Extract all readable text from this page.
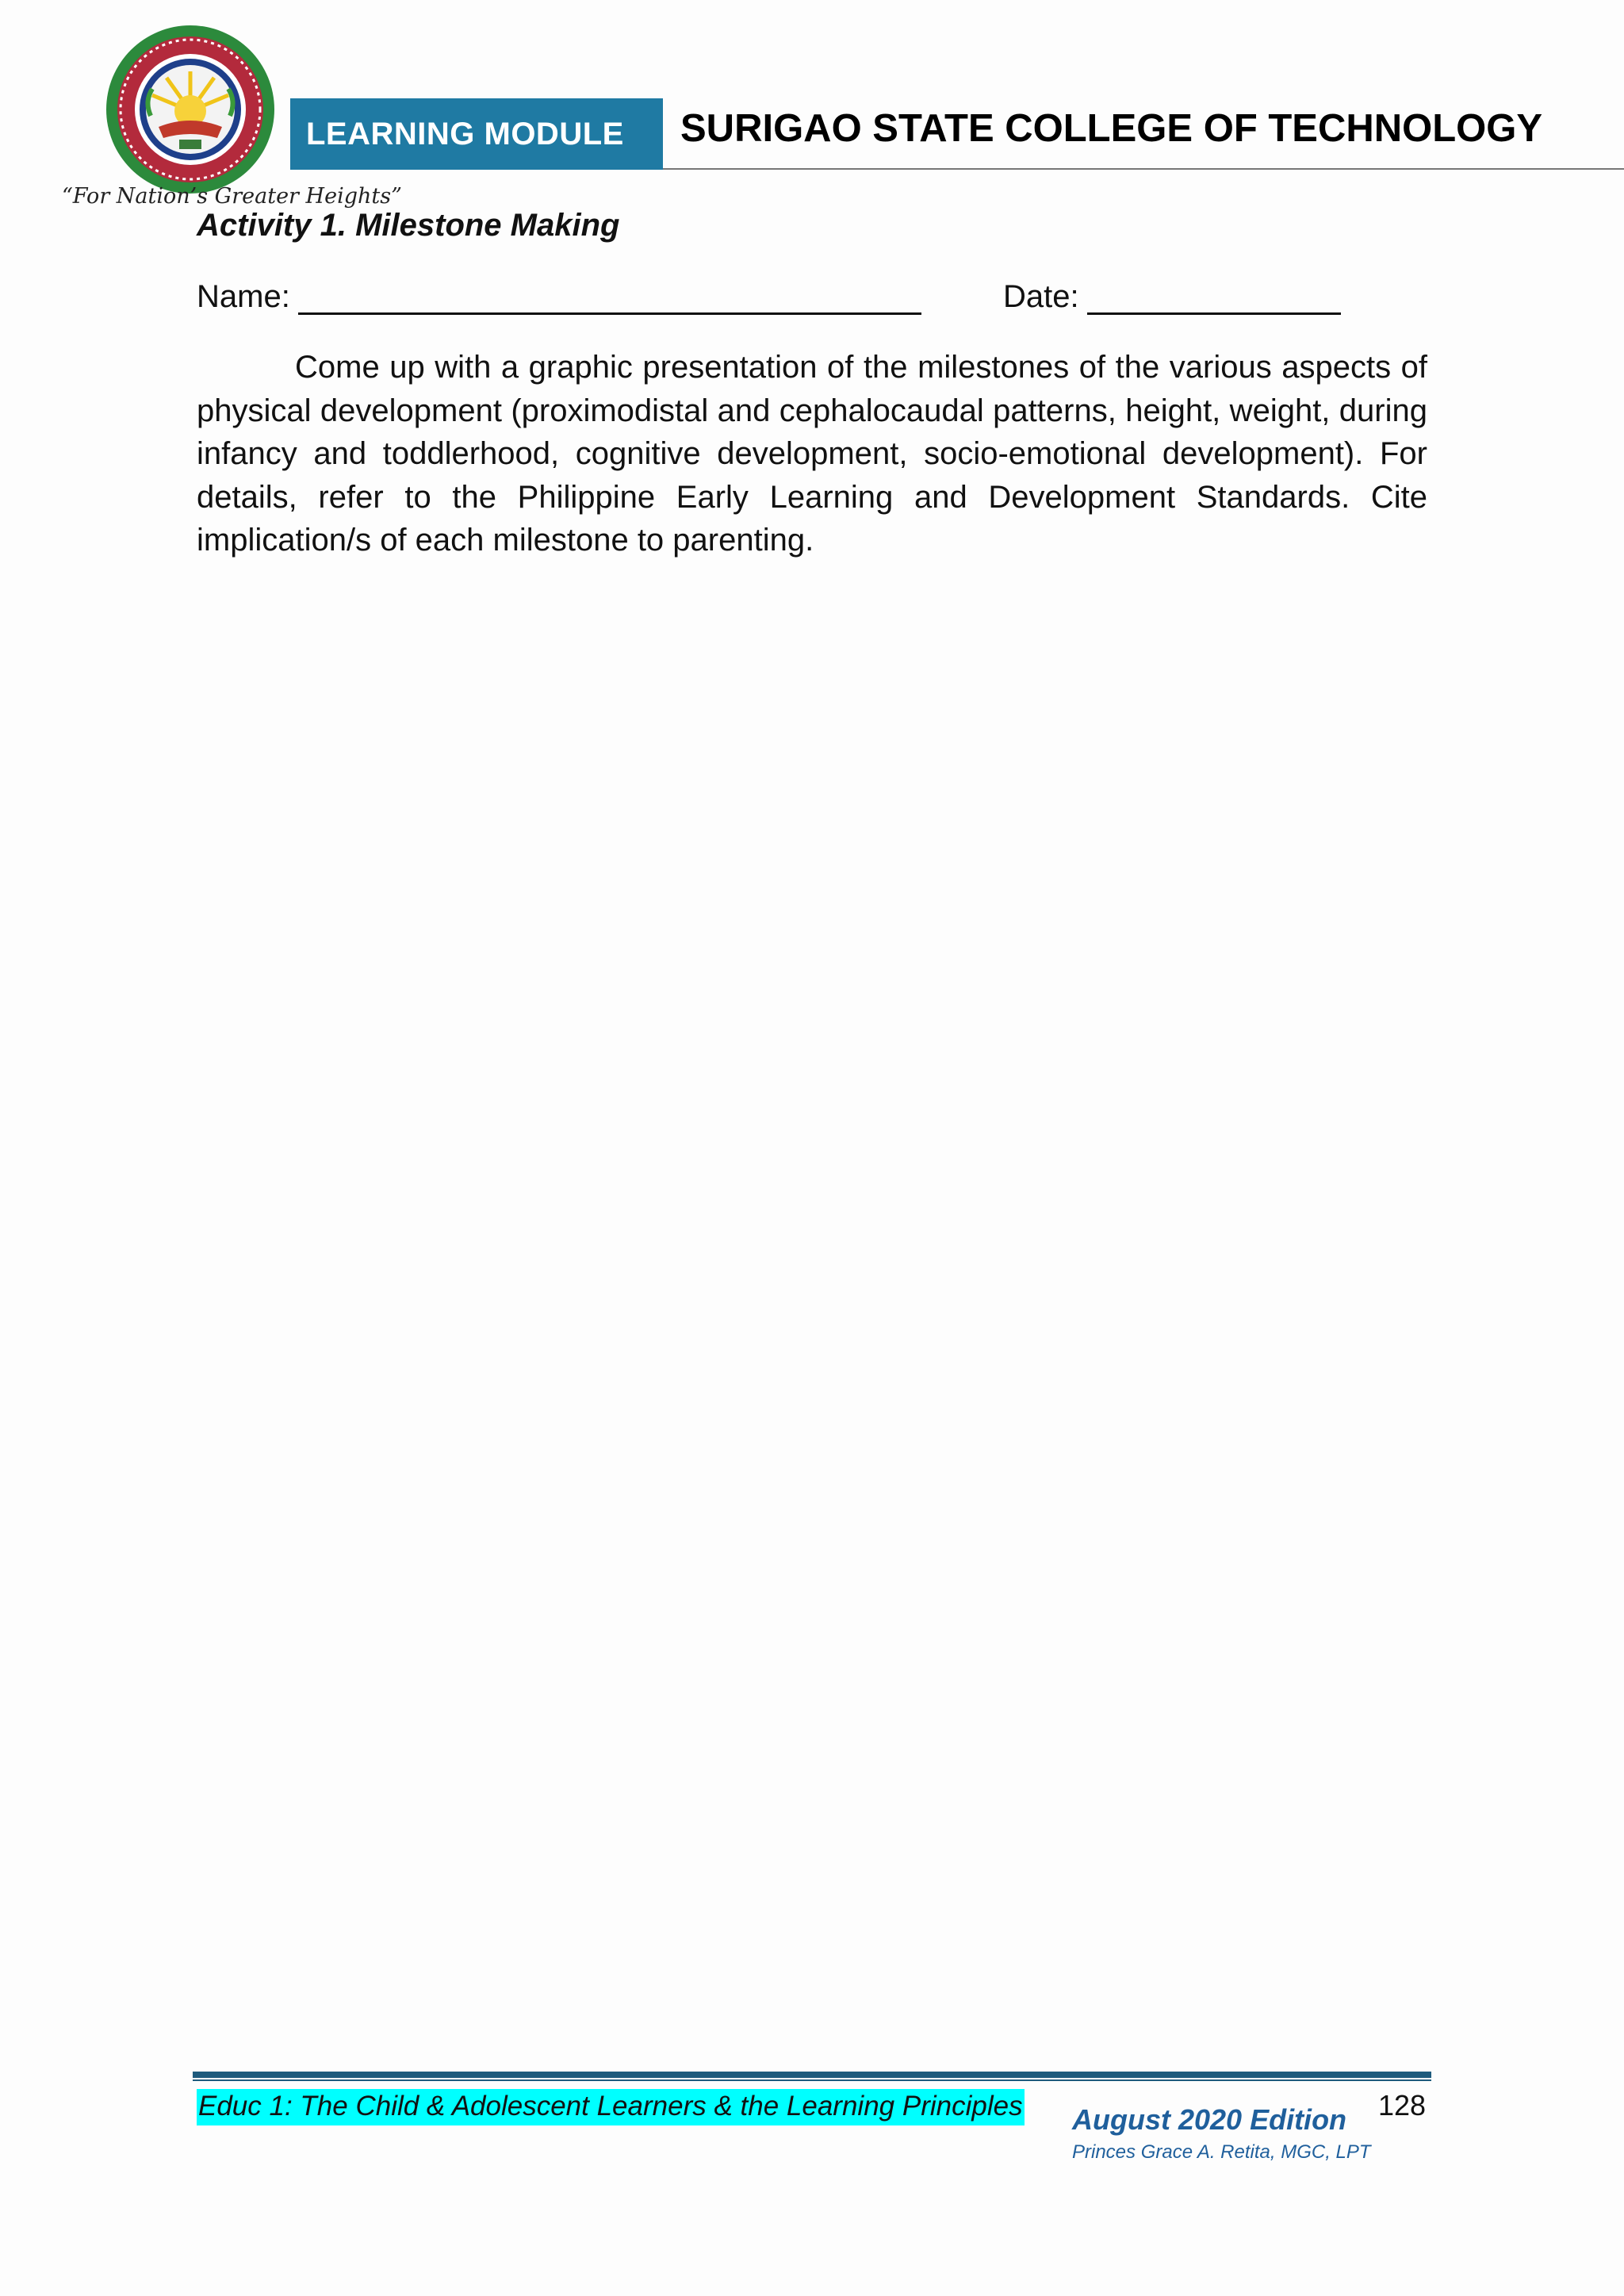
“For Nation’s Greater Heights”
LEARNING MODULE	SURIGAO STATE COLLEGE OF TECHNOLOGY
Activity 1. Milestone Making
Name:	Date:

Come up with a graphic presentation of the milestones of the various aspects of physical development (proximodistal and cephalocaudal patterns, height, weight, during infancy and toddlerhood, cognitive development, socio-emotional development). For details, refer to the Philippine Early Learning and Development Standards. Cite implication/s of each milestone to parenting.

Educ 1: The Child & Adolescent Learners & the Learning Principles August 2020 Edition
Princes Grace A. Retita, MGC, LPT
128
